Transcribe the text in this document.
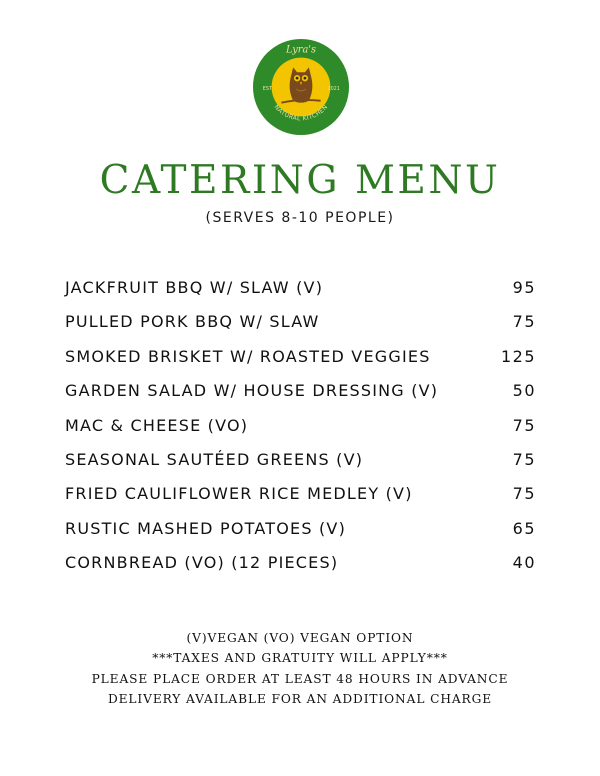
Lyra's
EST	2021
NATURAL KITCHEN
CATERING MENU
(SERVES 8-10 PEOPLE)
JACKFRUIT BBQ W/ SLAW (V)	95
PULLED PORK BBQ W/ SLAW	75
SMOKED BRISKET W/ ROASTED VEGGIES	125
GARDEN SALAD W/ HOUSE DRESSING (V)	50
MAC & CHEESE (VO)	75
SEASONAL SAUTÉED GREENS (V)	75
FRIED CAULIFLOWER RICE MEDLEY (V)	75
RUSTIC MASHED POTATOES (V)	65
CORNBREAD (VO) (12 PIECES)	40
(V)VEGAN (VO) VEGAN OPTION
***TAXES AND GRATUITY WILL APPLY***
PLEASE PLACE ORDER AT LEAST 48 HOURS IN ADVANCE
DELIVERY AVAILABLE FOR AN ADDITIONAL CHARGE
